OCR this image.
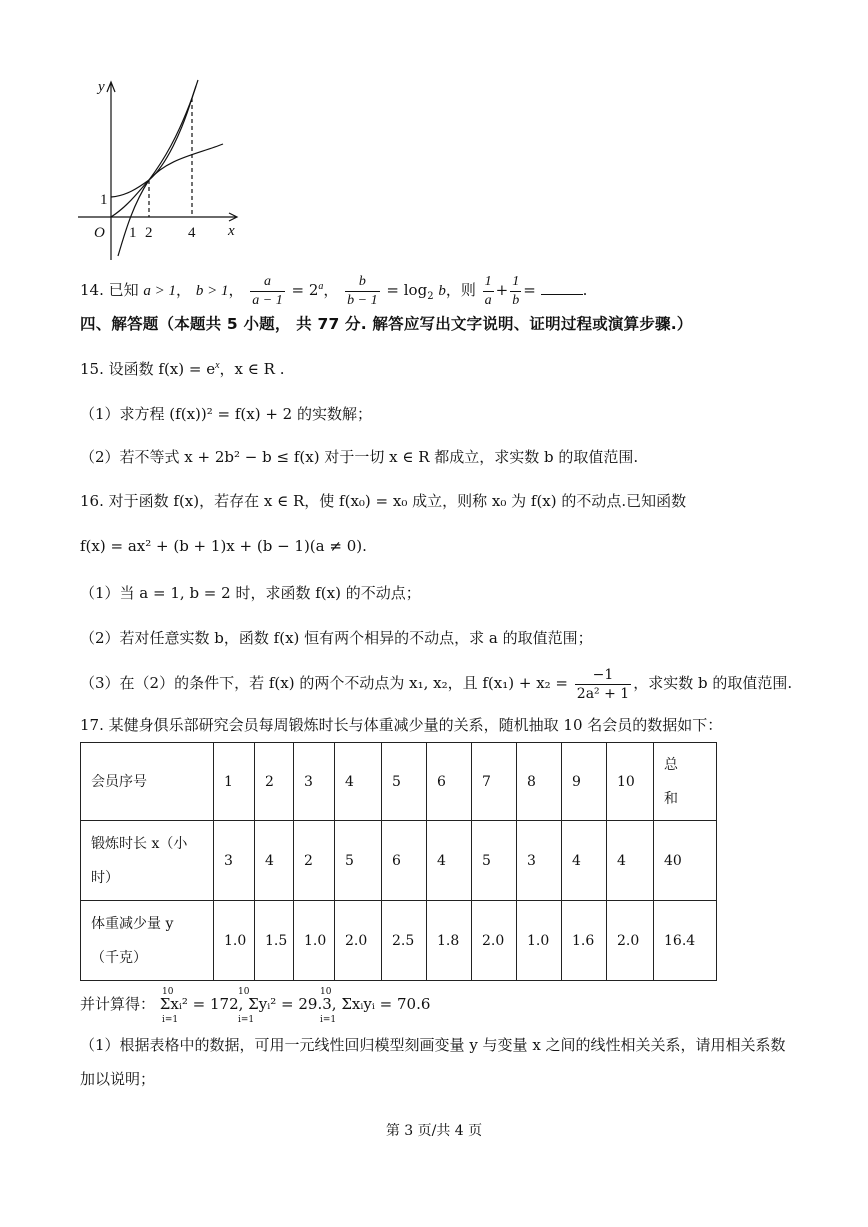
y
x
O
1
1 2 4
14. 已知 a > 1， b > 1， $\frac{a}{a - 1} = 2^a$， $\frac{b}{b - 1} = \log_2 b$，则 $\frac{1}{a} + \frac{1}{b}$ =	.
四、解答题（本题共 5 小题， 共 77 分. 解答应写出文字说明、证明过程或演算步骤.）
15. 设函数 $f(x) = e^x$，x ∈ R .
（1）求方程 (f(x))² = f(x) + 2 的实数解；
（2）若不等式 x + 2b² − b ≤ f(x) 对于一切 x ∈ R 都成立，求实数 b 的取值范围.
16. 对于函数 f(x)，若存在 x ∈ R，使 f(x₀) = x₀ 成立，则称 x₀ 为 f(x) 的不动点.已知函数
f(x) = ax² + (b + 1)x + (b − 1)(a ≠ 0).
（1）当 a = 1, b = 2 时，求函数 f(x) 的不动点；
（2）若对任意实数 b，函数 f(x) 恒有两个相异的不动点，求 a 的取值范围；
（3）在（2）的条件下，若 f(x) 的两个不动点为 x₁, x₂，且 $f(x_1) + x_2 = \frac{-1}{\text{2a² + 1}}$ ，求实数 b 的取值范围.
17. 某健身俱乐部研究会员每周锻炼时长与体重减少量的关系，随机抽取 10 名会员的数据如下：
会员序号	1	2	3	4	5	6	7	8	9	10	总
和

锻炼时长 x（小
时）	3	4	2	5	6	4	5	3	4	4	40

体重减少量 y
（千克）	1.0	1.5	1.0	2.0	2.5	1.8	2.0	1.0	1.6	2.0	16.4
并计算得： Σxᵢ² = 172, Σyᵢ² = 29.3, Σxᵢyᵢ = 70.6
10
i=1
10
i=1
10
i=1
（1）根据表格中的数据，可用一元线性回归模型刻画变量 y 与变量 x 之间的线性相关关系，请用相关系数
加以说明；
第 3 页/共 4 页
